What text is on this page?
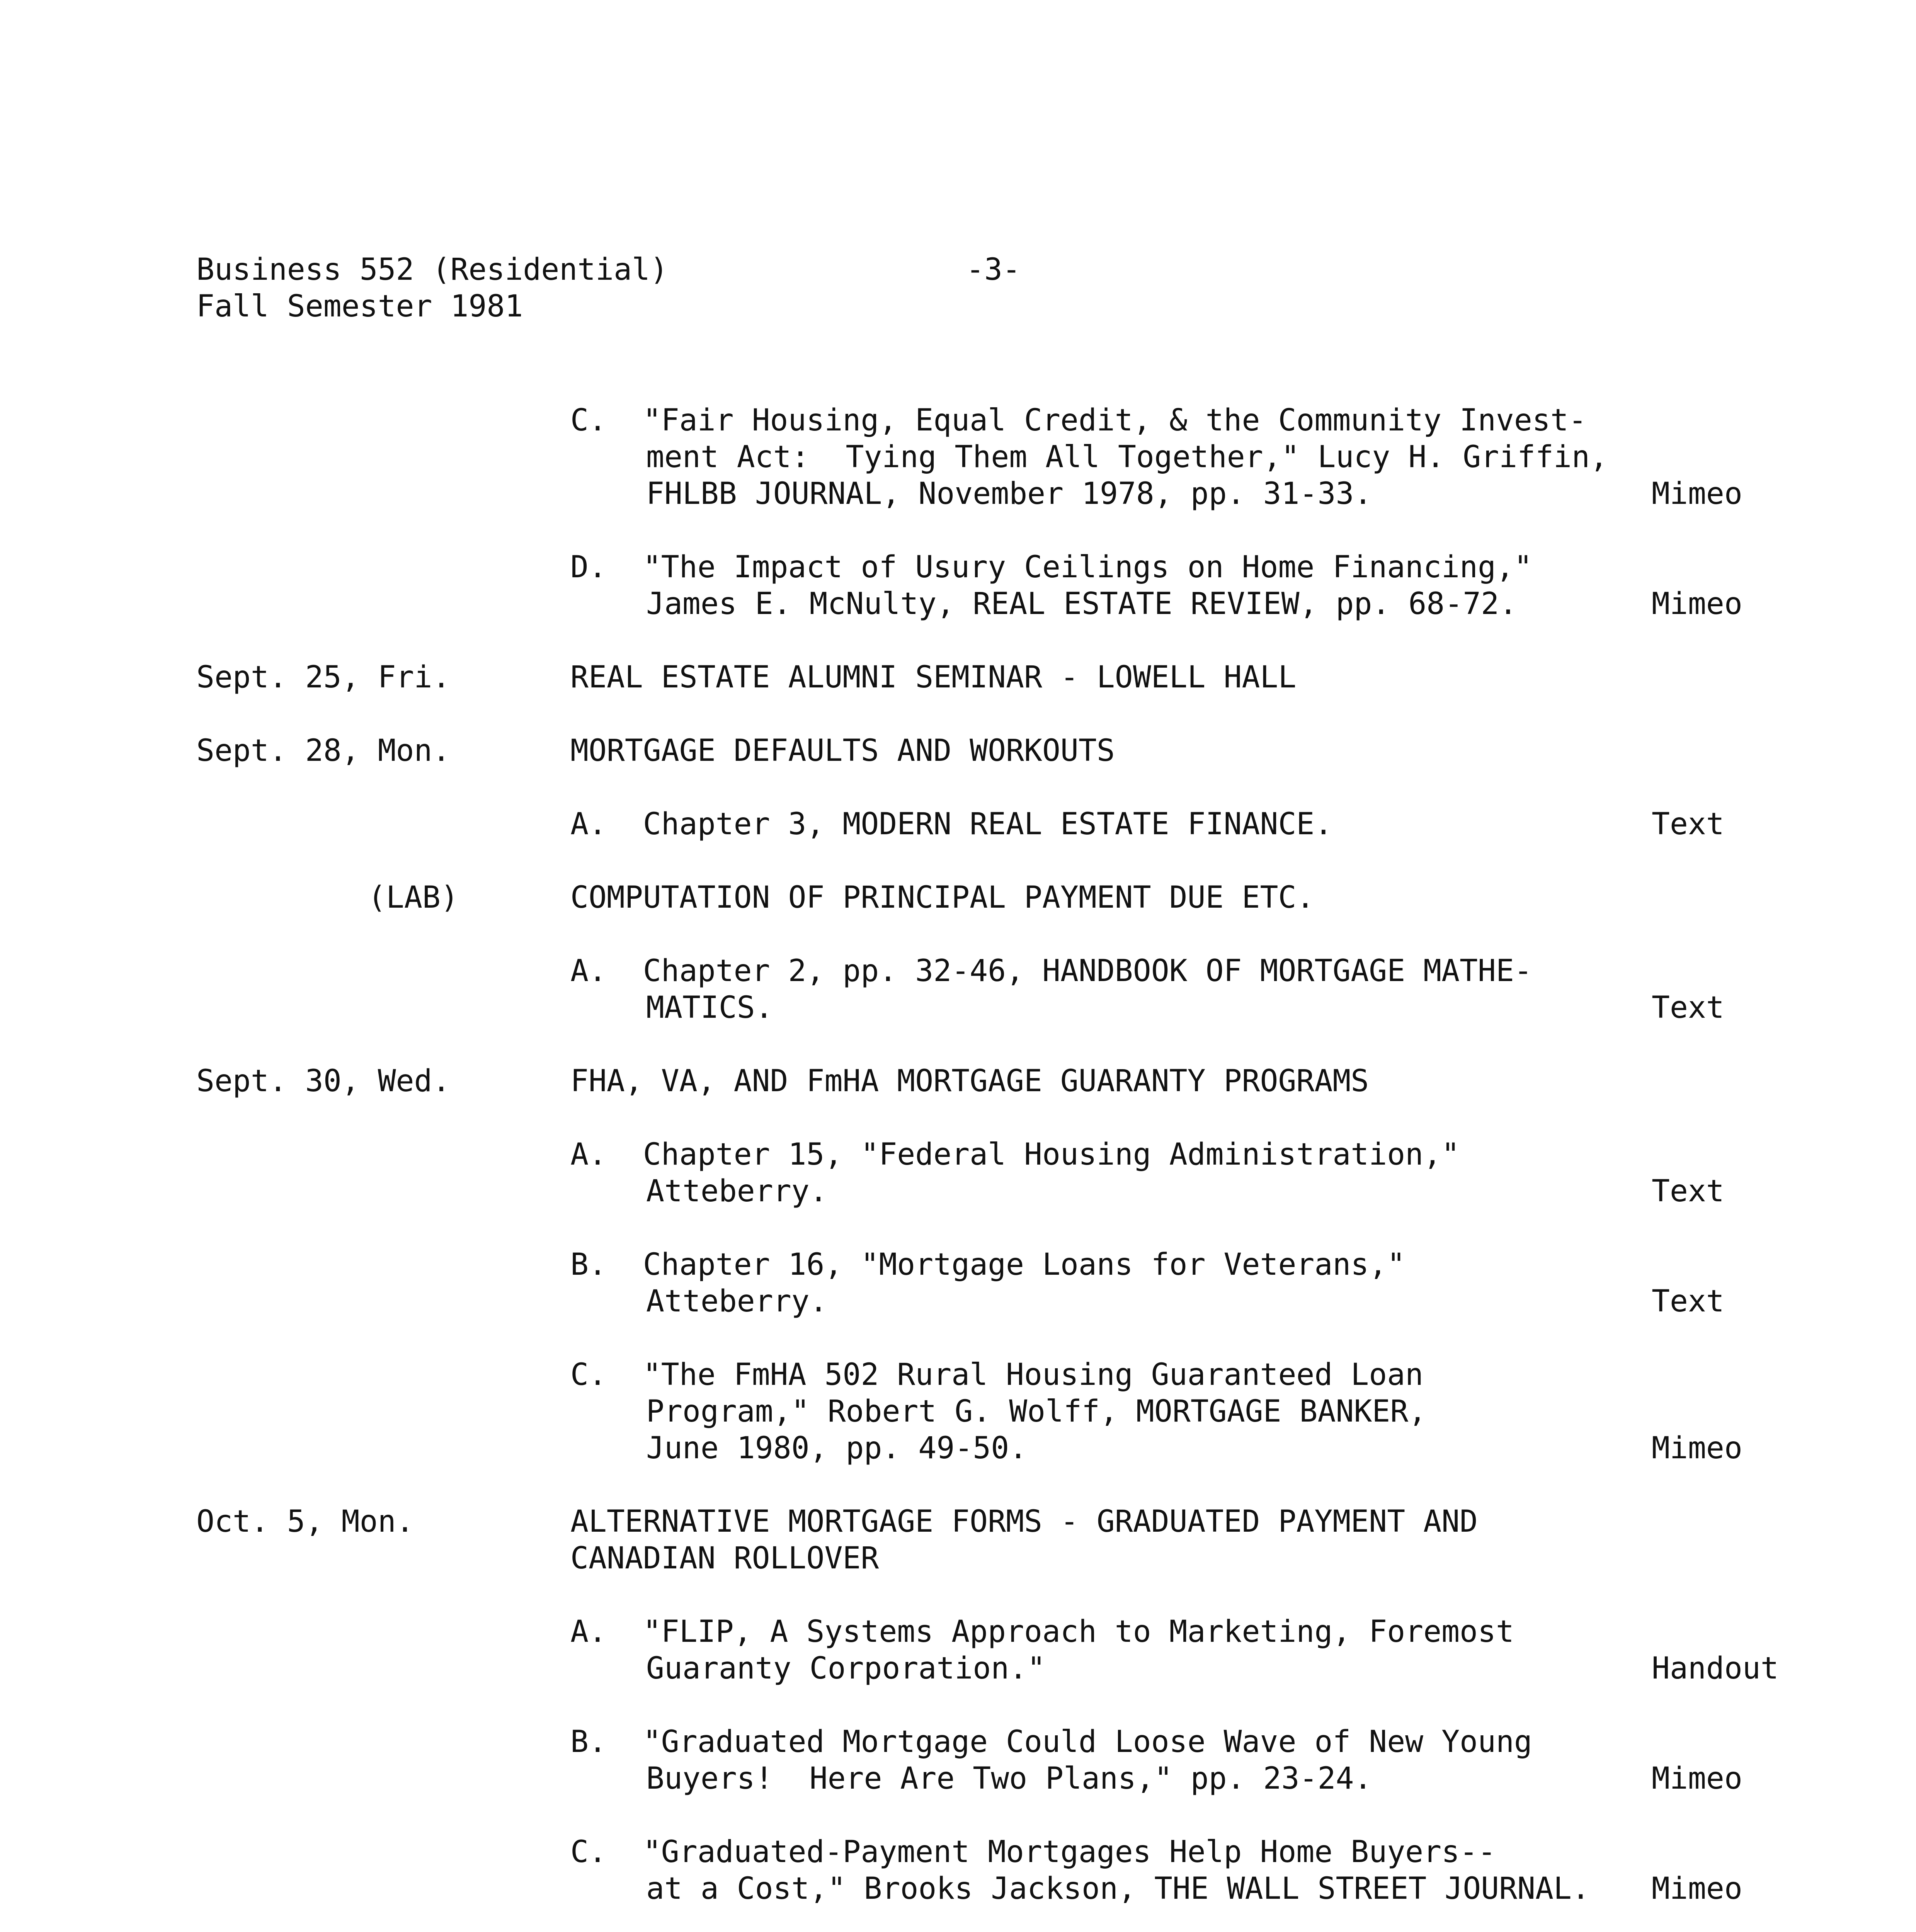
Business 552 (Residential)	-3-
Fall Semester 1981
C.  "Fair Housing, Equal Credit, & the Community Invest-
ment Act:  Tying Them All Together," Lucy H. Griffin,
FHLBB JOURNAL, November 1978, pp. 31-33.	Mimeo
D.  "The Impact of Usury Ceilings on Home Financing,"
James E. McNulty, REAL ESTATE REVIEW, pp. 68-72.	Mimeo
Sept. 25, Fri.	REAL ESTATE ALUMNI SEMINAR - LOWELL HALL
Sept. 28, Mon.	MORTGAGE DEFAULTS AND WORKOUTS
A.  Chapter 3, MODERN REAL ESTATE FINANCE.	Text
(LAB)	COMPUTATION OF PRINCIPAL PAYMENT DUE ETC.
A.  Chapter 2, pp. 32-46, HANDBOOK OF MORTGAGE MATHE-
MATICS.	Text
Sept. 30, Wed.	FHA, VA, AND FmHA MORTGAGE GUARANTY PROGRAMS
A.  Chapter 15, "Federal Housing Administration,"
Atteberry.	Text
B.  Chapter 16, "Mortgage Loans for Veterans,"
Atteberry.	Text
C.  "The FmHA 502 Rural Housing Guaranteed Loan
Program," Robert G. Wolff, MORTGAGE BANKER,
June 1980, pp. 49-50.	Mimeo
Oct. 5, Mon.	ALTERNATIVE MORTGAGE FORMS - GRADUATED PAYMENT AND
CANADIAN ROLLOVER
A.  "FLIP, A Systems Approach to Marketing, Foremost
Guaranty Corporation."	Handout
B.  "Graduated Mortgage Could Loose Wave of New Young
Buyers!  Here Are Two Plans," pp. 23-24.	Mimeo
C.  "Graduated-Payment Mortgages Help Home Buyers--
at a Cost," Brooks Jackson, THE WALL STREET JOURNAL. Mimeo
